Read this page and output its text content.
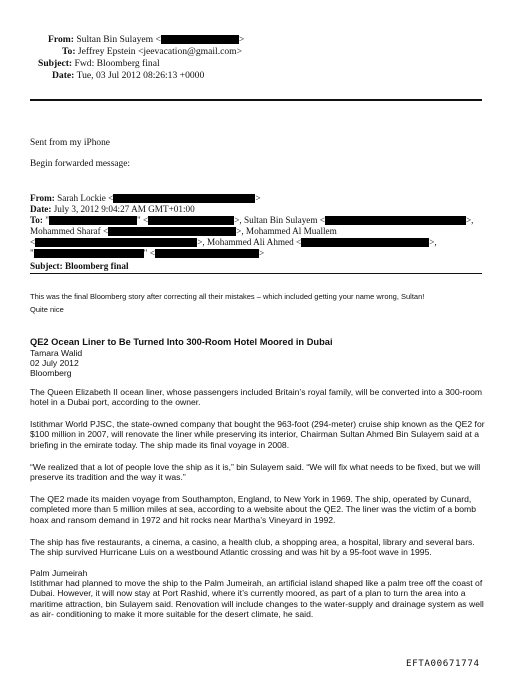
From: Sultan Bin Sulayem <	>
To: Jeffrey Epstein <jeevacation@gmail.com>
Subject: Fwd: Bloomberg final
Date: Tue, 03 Jul 2012 08:26:13 +0000
Sent from my iPhone
Begin forwarded message:
From: Sarah Lockie <	>
Date: July 3, 2012 9:04:27 AM GMT+01:00
To: "	" <	>, Sultan Bin Sulayem <	>,
Mohammed Sharaf <	>, Mohammed Al Muallem
<	>, Mohammed Ali Ahmed <	>,
"	" <	>
Subject: Bloomberg final
This was the final Bloomberg story after correcting all their mistakes – which included getting your name wrong, Sultan!
Quite nice
QE2 Ocean Liner to Be Turned Into 300-Room Hotel Moored in Dubai
Tamara Walid
02 July 2012
Bloomberg
The Queen Elizabeth II ocean liner, whose passengers included Britain’s royal family, will be converted into a 300-room hotel in a Dubai port, according to the owner.
Istithmar World PJSC, the state-owned company that bought the 963-foot (294-meter) cruise ship known as the QE2 for $100 million in 2007, will renovate the liner while preserving its interior, Chairman Sultan Ahmed Bin Sulayem said at a briefing in the emirate today. The ship made its final voyage in 2008.
“We realized that a lot of people love the ship as it is,” bin Sulayem said. “We will fix what needs to be fixed, but we will preserve its tradition and the way it was.”
The QE2 made its maiden voyage from Southampton, England, to New York in 1969. The ship, operated by Cunard, completed more than 5 million miles at sea, according to a website about the QE2. The liner was the victim of a bomb hoax and ransom demand in 1972 and hit rocks near Martha’s Vineyard in 1992.
The ship has five restaurants, a cinema, a casino, a health club, a shopping area, a hospital, library and several bars. The ship survived Hurricane Luis on a westbound Atlantic crossing and was hit by a 95-foot wave in 1995.
Palm Jumeirah
Istithmar had planned to move the ship to the Palm Jumeirah, an artificial island shaped like a palm tree off the coast of Dubai. However, it will now stay at Port Rashid, where it’s currently moored, as part of a plan to turn the area into a maritime attraction, bin Sulayem said. Renovation will include changes to the water-supply and drainage system as well as air- conditioning to make it more suitable for the desert climate, he said.
EFTA00671774
